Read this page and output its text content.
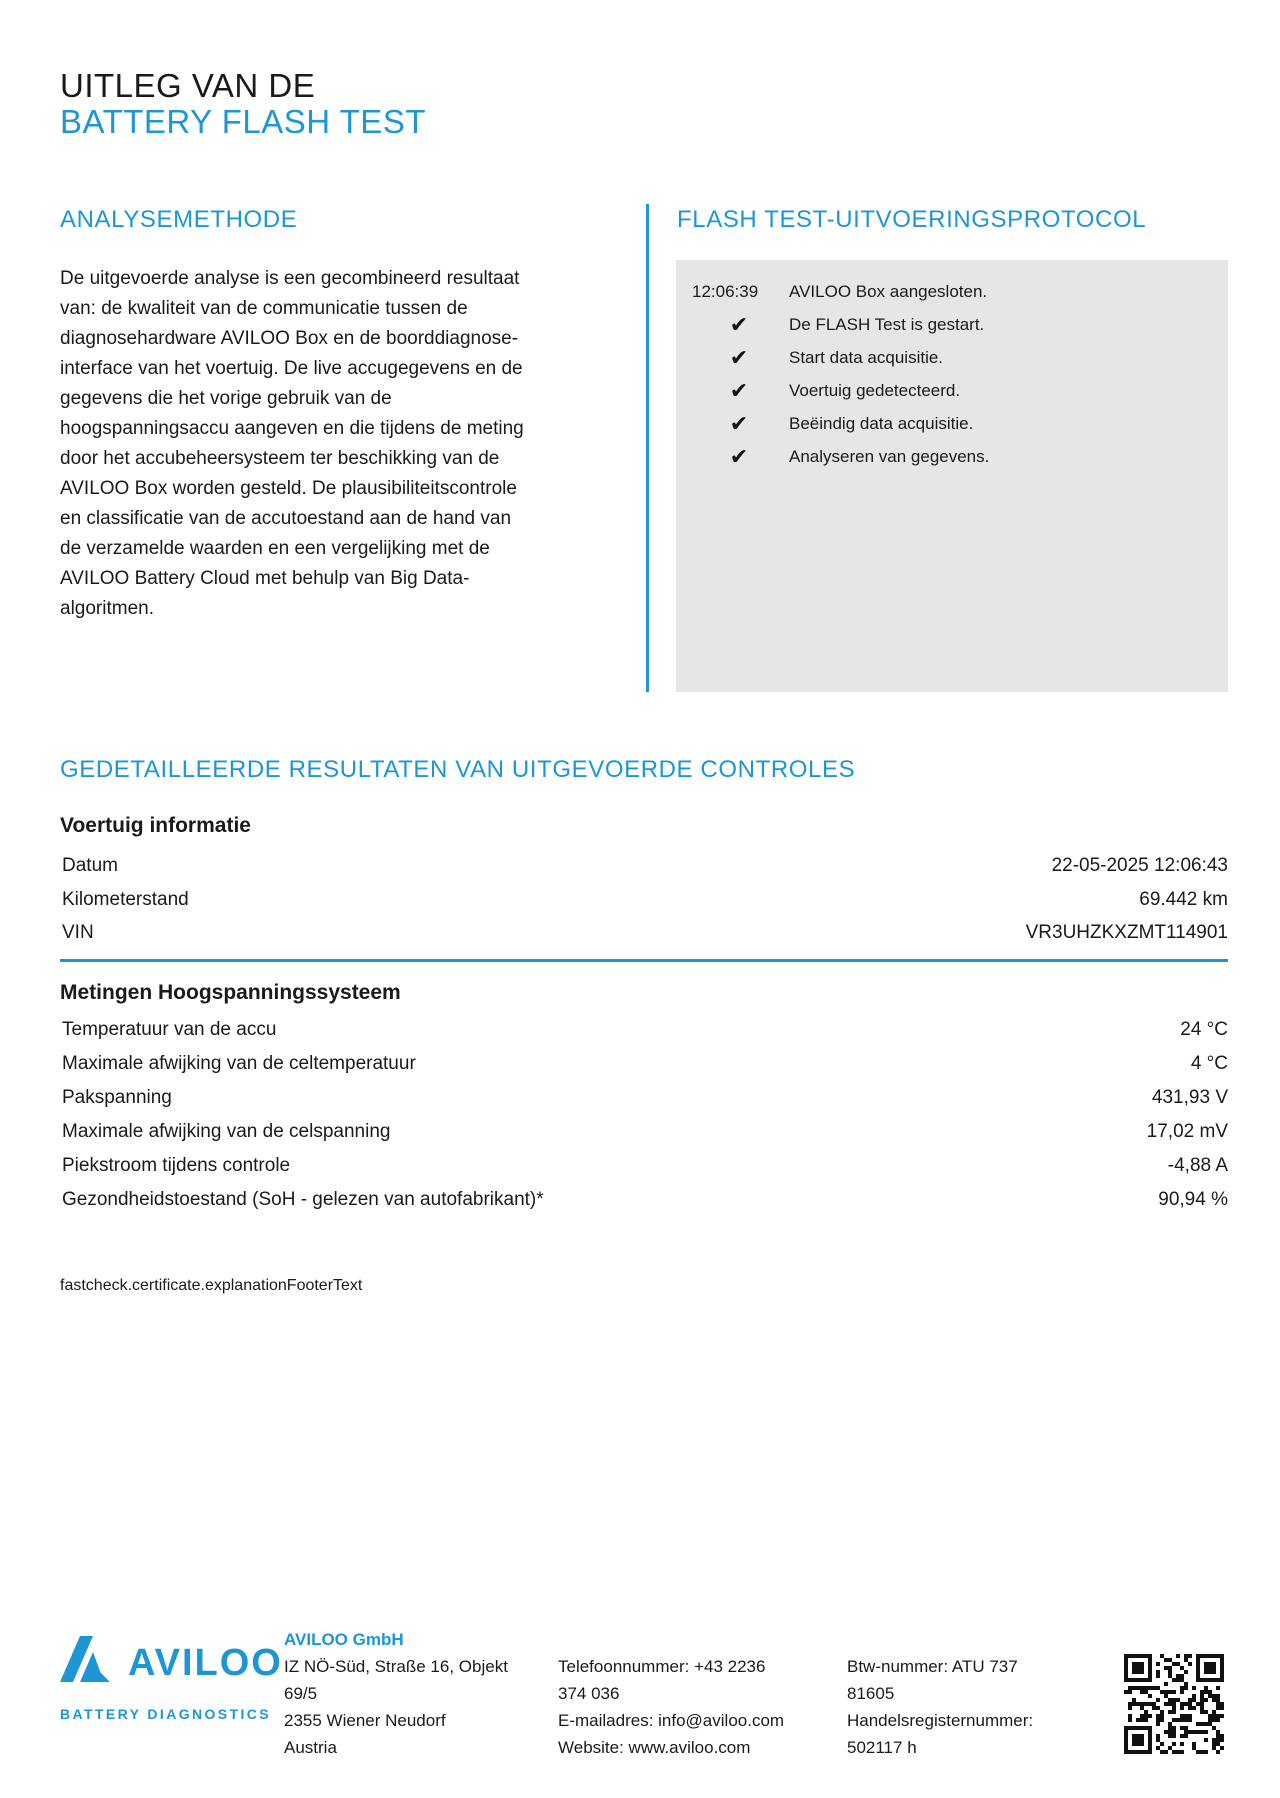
UITLEG VAN DE
BATTERY FLASH TEST
ANALYSEMETHODE
De uitgevoerde analyse is een gecombineerd resultaat
van: de kwaliteit van de communicatie tussen de
diagnosehardware AVILOO Box en de boorddiagnose-
interface van het voertuig. De live accugegevens en de
gegevens die het vorige gebruik van de
hoogspanningsaccu aangeven en die tijdens de meting
door het accubeheersysteem ter beschikking van de
AVILOO Box worden gesteld. De plausibiliteitscontrole
en classificatie van de accutoestand aan de hand van
de verzamelde waarden en een vergelijking met de
AVILOO Battery Cloud met behulp van Big Data-
algoritmen.
FLASH TEST-UITVOERINGSPROTOCOL
12:06:39 AVILOO Box aangesloten.
✔ De FLASH Test is gestart.
✔ Start data acquisitie.
✔ Voertuig gedetecteerd.
✔ Beëindig data acquisitie.
✔ Analyseren van gegevens.
GEDETAILLEERDE RESULTATEN VAN UITGEVOERDE CONTROLES
Voertuig informatie
Datum	22-05-2025 12:06:43
Kilometerstand	69.442 km
VIN	VR3UHZKXZMT114901
Metingen Hoogspanningssysteem
Temperatuur van de accu	24 °C
Maximale afwijking van de celtemperatuur	4 °C
Pakspanning	431,93 V
Maximale afwijking van de celspanning	17,02 mV
Piekstroom tijdens controle	-4,88 A
Gezondheidstoestand (SoH - gelezen van autofabrikant)*	90,94 %
fastcheck.certificate.explanationFooterText
AVILOO
BATTERY DIAGNOSTICS
AVILOO GmbH
IZ NÖ-Süd, Straße 16, Objekt
69/5
2355 Wiener Neudorf
Austria
Telefoonnummer: +43 2236
374 036
E-mailadres: info@aviloo.com
Website: www.aviloo.com
Btw-nummer: ATU 737
81605
Handelsregisternummer:
502117 h
